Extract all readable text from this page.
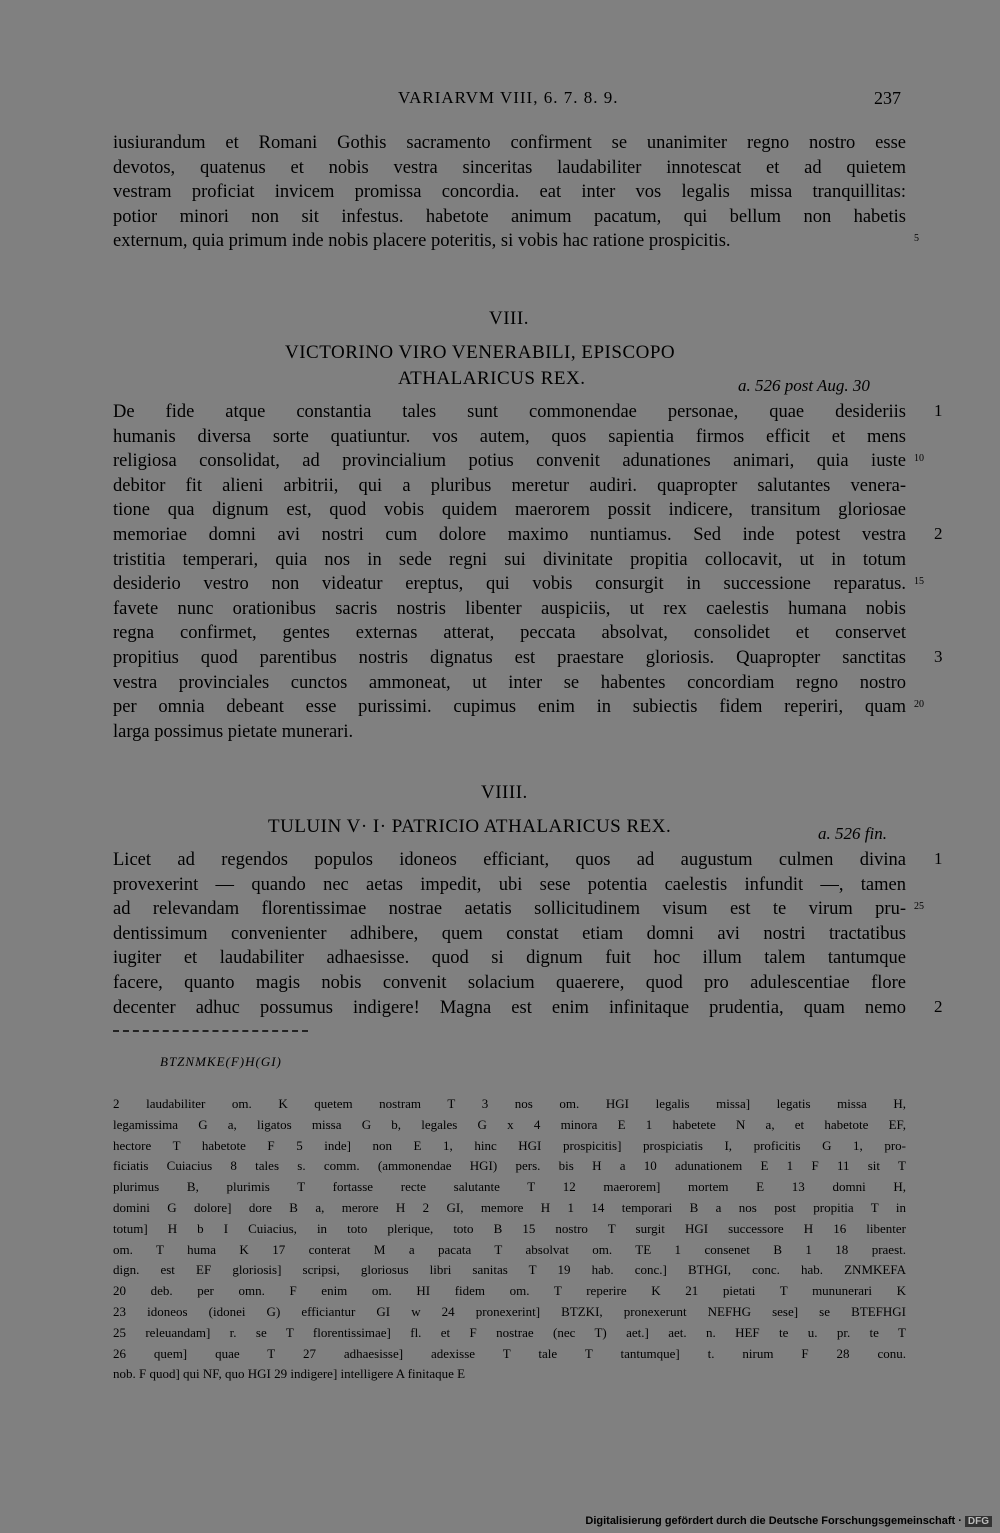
VARIARVM VIII, 6. 7. 8. 9.	237
iusiurandum et Romani Gothis sacramento confirment se unanimiter regno nostro esse
devotos, quatenus et nobis vestra sinceritas laudabiliter innotescat et ad quietem
vestram proficiat invicem promissa concordia. eat inter vos legalis missa tranquillitas:
potior minori non sit infestus. habetote animum pacatum, qui bellum non habetis
externum, quia primum inde nobis placere poteritis, si vobis hac ratione prospicitis.	5
VIII.
VICTORINO VIRO VENERABILI, EPISCOPO
ATHALARICUS REX.	a. 526 post Aug. 30
De fide atque constantia tales sunt commonendae personae, quae desideriis 1
humanis diversa sorte quatiuntur. vos autem, quos sapientia firmos efficit et mens
religiosa consolidat, ad provincialium potius convenit adunationes animari, quia iuste 10
debitor fit alieni arbitrii, qui a pluribus meretur audiri. quapropter salutantes venera-
tione qua dignum est, quod vobis quidem maerorem possit indicere, transitum gloriosae
memoriae domni avi nostri cum dolore maximo nuntiamus. Sed inde potest vestra 2
tristitia temperari, quia nos in sede regni sui divinitate propitia collocavit, ut in totum
desiderio vestro non videatur ereptus, qui vobis consurgit in successione reparatus. 15
favete nunc orationibus sacris nostris libenter auspiciis, ut rex caelestis humana nobis
regna confirmet, gentes externas atterat, peccata absolvat, consolidet et conservet
propitius quod parentibus nostris dignatus est praestare gloriosis. Quapropter sanctitas 3
vestra provinciales cunctos ammoneat, ut inter se habentes concordiam regno nostro
per omnia debeant esse purissimi. cupimus enim in subiectis fidem reperiri, quam 20
larga possimus pietate munerari.
VIIII.
TULUIN V· I· PATRICIO ATHALARICUS REX.	a. 526 fin.
Licet ad regendos populos idoneos efficiant, quos ad augustum culmen divina 1
provexerint — quando nec aetas impedit, ubi sese potentia caelestis infundit —, tamen
ad relevandam florentissimae nostrae aetatis sollicitudinem visum est te virum pru- 25
dentissimum convenienter adhibere, quem constat etiam domni avi nostri tractatibus
iugiter et laudabiliter adhaesisse. quod si dignum fuit hoc illum talem tantumque
facere, quanto magis nobis convenit solacium quaerere, quod pro adulescentiae flore
decenter adhuc possumus indigere! Magna est enim infinitaque prudentia, quam nemo 2
BTZNMKE(F)H(GI)
2 laudabiliter om. K quetem nostram T 3 nos om. HGI legalis missa] legatis missa H,
legamissima G a, ligatos missa G b, legales G x 4 minora E 1 habetete N a, et habetote EF,
hectore T habetote F 5 inde] non E 1, hinc HGI prospicitis] prospiciatis I, proficitis G 1, pro-
ficiatis Cuiacius 8 tales s. comm. (ammonendae HGI) pers. bis H a 10 adunationem E 1 F 11 sit T
plurimus B, plurimis T fortasse recte salutante T 12 maerorem] mortem E 13 domni H,
domini G dolore] dore B a, merore H 2 GI, memore H 1 14 temporari B a nos post propitia T in
totum] H b I Cuiacius, in toto plerique, toto B 15 nostro T surgit HGI successore H 16 libenter
om. T huma K 17 conterat M a pacata T absolvat om. TE 1 consenet B 1 18 praest.
dign. est EF gloriosis] scripsi, gloriosus libri sanitas T 19 hab. conc.] BTHGI, conc. hab. ZNMKEFA
20 deb. per omn. F enim om. HI fidem om. T reperire K 21 pietati T mununerari K
23 idoneos (idonei G) efficiantur GI w 24 pronexerint] BTZKI, pronexerunt NEFHG sese] se BTEFHGI
25 releuandam] r. se T florentissimae] fl. et F nostrae (nec T) aet.] aet. n. HEF te u. pr. te T
26 quem] quae T 27 adhaesisse] adexisse T tale T tantumque] t. nirum F 28 conu.
nob. F quod] qui NF, quo HGI 29 indigere] intelligere A finitaque E
Digitalisierung gefördert durch die Deutsche Forschungsgemeinschaft · DFG
